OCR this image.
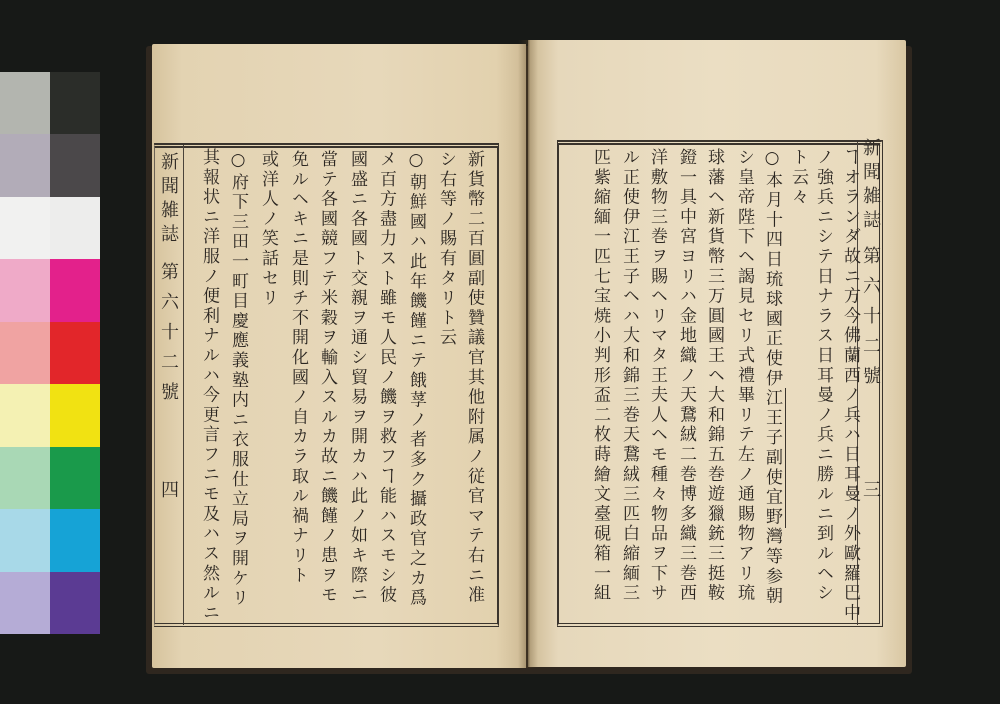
新聞雑誌
第六十二號
三
ヿオランダ故ニ方今佛蘭西ノ兵ハ日耳曼ノ外歐羅巴中
ノ強兵ニシテ日ナラス日耳曼ノ兵ニ勝ルニ到ルヘシ
ト云々
○本月十四日琉球國正使伊江王子副使宜野灣等参朝
シ皇帝陛下ヘ謁見セリ式禮畢リテ左ノ通賜物アリ琉
球藩ヘ新貨幣三万圓國王ヘ大和錦五巻遊獵銃三挺鞍
鐙一具中宮ヨリハ金地織ノ天鵞絨二巻博多織三巻西
洋敷物三巻ヲ賜ヘリマタ王夫人ヘモ種々物品ヲ下サ
ル正使伊江王子ヘハ大和錦三巻天鵞絨三匹白縮緬三
匹紫縮緬一匹七宝焼小判形盃二枚蒔繪文臺硯箱一組
新聞雑誌
第六十二號
四	新貨幣二百圓副使贊議官其他附属ノ従官マテ右ニ准
シ右等ノ賜有タリト云
○朝鮮國ハ此年饑饉ニテ餓莩ノ者多ク攝政官之カ爲
メ百方盡力スト雖モ人民ノ饑ヲ救フヿ能ハスモシ彼
國盛ニ各國ト交親ヲ通シ貿易ヲ開カハ此ノ如キ際ニ
當テ各國競フテ米穀ヲ輸入スルカ故ニ饑饉ノ患ヲモ
免ルヘキニ是則チ不開化國ノ自カラ取ル禍ナリト
或洋人ノ笑話セリ
○府下三田一町目慶應義塾内ニ衣服仕立局ヲ開ケリ
其報状ニ洋服ノ便利ナルハ今更言フニモ及ハス然ルニ
